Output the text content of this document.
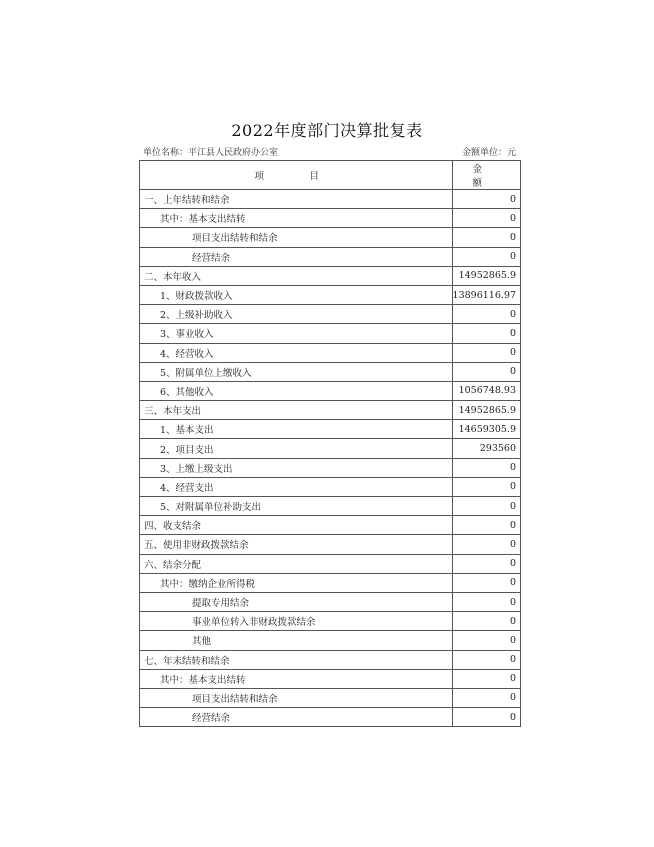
2022年度部门决算批复表
单位名称：平江县人民政府办公室	金额单位：元
项　目	金　额
一、上年结转和结余	0
其中：基本支出结转	0
项目支出结转和结余	0
经营结余	0
二、本年收入	14952865.9
1、财政拨款收入	13896116.97
2、上级补助收入	0
3、事业收入	0
4、经营收入	0
5、附属单位上缴收入	0
6、其他收入	1056748.93
三、本年支出	14952865.9
1、基本支出	14659305.9
2、项目支出	293560
3、上缴上级支出	0
4、经营支出	0
5、对附属单位补助支出	0
四、收支结余	0
五、使用非财政拨款结余	0
六、结余分配	0
其中：缴纳企业所得税	0
提取专用结余	0
事业单位转入非财政拨款结余	0
其他	0
七、年末结转和结余	0
其中：基本支出结转	0
项目支出结转和结余	0
经营结余	0
